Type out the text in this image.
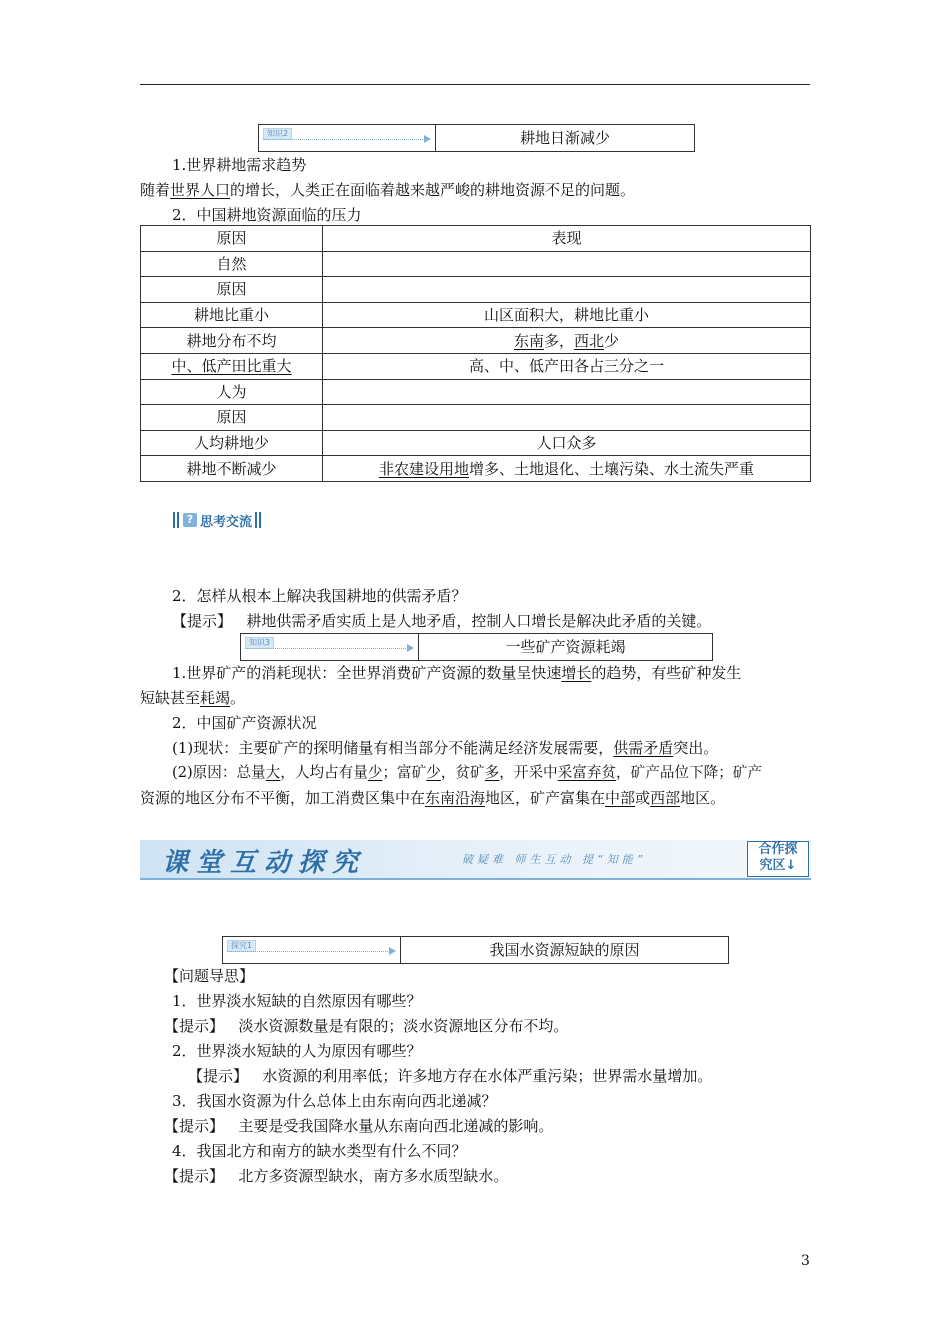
知识2	耕地日渐减少
1.世界耕地需求趋势
随着世界人口的增长，人类正在面临着越来越严峻的耕地资源不足的问题。
2．中国耕地资源面临的压力
原因	表现
自然	
原因	
耕地比重小	山区面积大，耕地比重小
耕地分布不均	东南多，西北少
中、低产田比重大	高、中、低产田各占三分之一
人为	
原因	
人均耕地少	人口众多
耕地不断减少	非农建设用地增多、土地退化、土壤污染、水土流失严重
? 思考交流
2．怎样从根本上解决我国耕地的供需矛盾？
【提示】 耕地供需矛盾实质上是人地矛盾，控制人口增长是解决此矛盾的关键。
知识3	一些矿产资源耗竭
1.世界矿产的消耗现状：全世界消费矿产资源的数量呈快速增长的趋势，有些矿种发生
短缺甚至耗竭。
2．中国矿产资源状况
(1)现状：主要矿产的探明储量有相当部分不能满足经济发展需要，供需矛盾突出。
(2)原因：总量大，人均占有量少；富矿少，贫矿多，开采中采富弃贫，矿产品位下降；矿产
资源的地区分布不平衡，加工消费区集中在东南沿海地区，矿产富集在中部或西部地区。
课堂互动探究	破疑难 师生互动 提“知能”
合作探
究区↓
探究1	我国水资源短缺的原因
【问题导思】
1．世界淡水短缺的自然原因有哪些？
【提示】 淡水资源数量是有限的；淡水资源地区分布不均。
2．世界淡水短缺的人为原因有哪些？
【提示】 水资源的利用率低；许多地方存在水体严重污染；世界需水量增加。
3．我国水资源为什么总体上由东南向西北递减？
【提示】 主要是受我国降水量从东南向西北递减的影响。
4．我国北方和南方的缺水类型有什么不同？
【提示】 北方多资源型缺水，南方多水质型缺水。
3
